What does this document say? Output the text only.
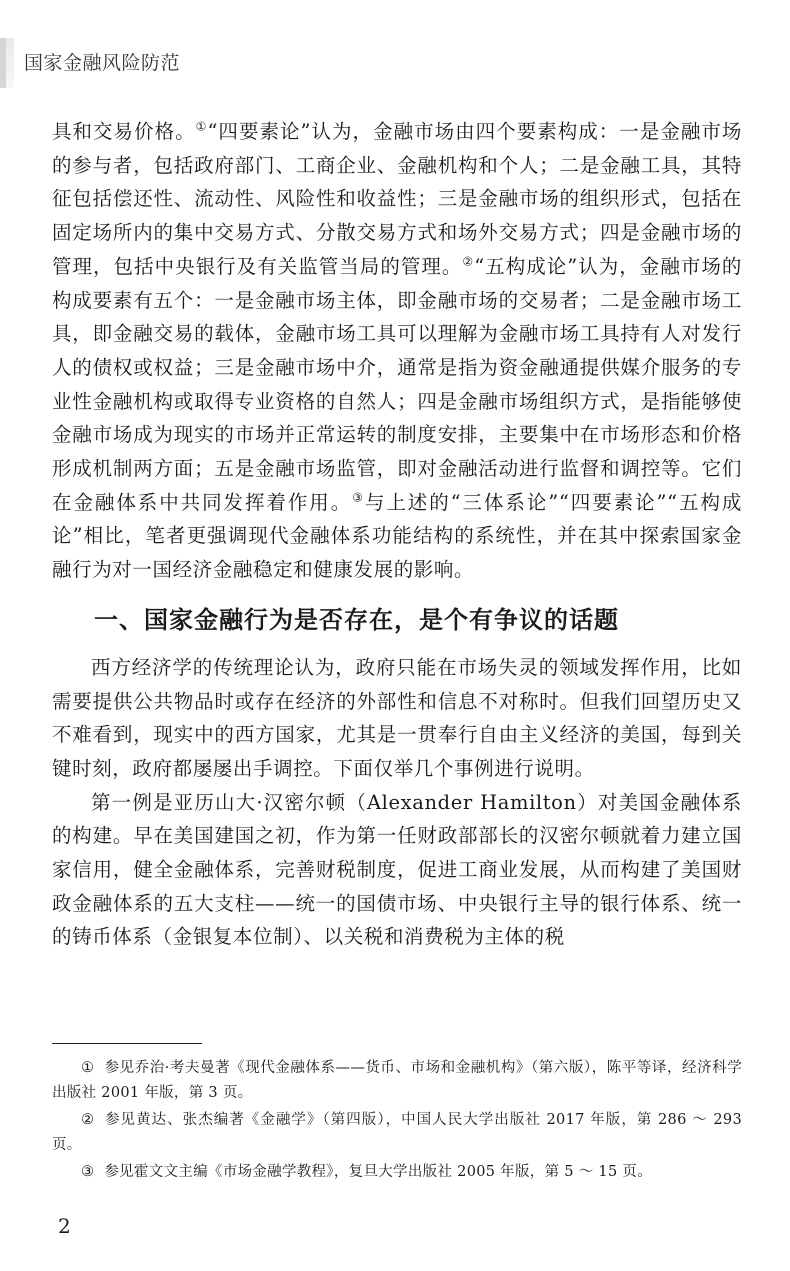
国家金融风险防范

具和交易价格。①“四要素论”认为，金融市场由四个要素构成：一是金融市场的参与者，包括政府部门、工商企业、金融机构和个人；二是金融工具，其特征包括偿还性、流动性、风险性和收益性；三是金融市场的组织形式，包括在固定场所内的集中交易方式、分散交易方式和场外交易方式；四是金融市场的管理，包括中央银行及有关监管当局的管理。②“五构成论”认为，金融市场的构成要素有五个：一是金融市场主体，即金融市场的交易者；二是金融市场工具，即金融交易的载体，金融市场工具可以理解为金融市场工具持有人对发行人的债权或权益；三是金融市场中介，通常是指为资金融通提供媒介服务的专业性金融机构或取得专业资格的自然人；四是金融市场组织方式，是指能够使金融市场成为现实的市场并正常运转的制度安排，主要集中在市场形态和价格形成机制两方面；五是金融市场监管，即对金融活动进行监督和调控等。它们在金融体系中共同发挥着作用。③与上述的“三体系论”“四要素论”“五构成论”相比，笔者更强调现代金融体系功能结构的系统性，并在其中探索国家金融行为对一国经济金融稳定和健康发展的影响。

一、国家金融行为是否存在，是个有争议的话题

西方经济学的传统理论认为，政府只能在市场失灵的领域发挥作用，比如需要提供公共物品时或存在经济的外部性和信息不对称时。但我们回望历史又不难看到，现实中的西方国家，尤其是一贯奉行自由主义经济的美国，每到关键时刻，政府都屡屡出手调控。下面仅举几个事例进行说明。

第一例是亚历山大·汉密尔顿（Alexander Hamilton）对美国金融体系的构建。早在美国建国之初，作为第一任财政部部长的汉密尔顿就着力建立国家信用，健全金融体系，完善财税制度，促进工商业发展，从而构建了美国财政金融体系的五大支柱——统一的国债市场、中央银行主导的银行体系、统一的铸币体系（金银复本位制）、以关税和消费税为主体的税

① 参见乔治·考夫曼著《现代金融体系——货币、市场和金融机构》（第六版），陈平等译，经济科学出版社 2001 年版，第 3 页。

② 参见黄达、张杰编著《金融学》（第四版），中国人民大学出版社 2017 年版，第 286 ～ 293 页。

③ 参见霍文文主编《市场金融学教程》，复旦大学出版社 2005 年版，第 5 ～ 15 页。

2
